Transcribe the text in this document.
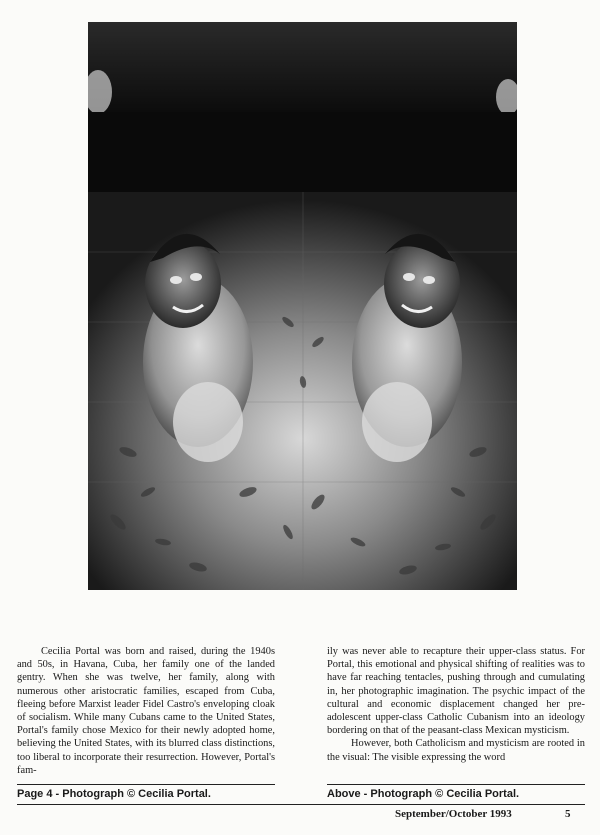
Cecilia Portal was born and raised, during the 1940s and 50s, in Havana, Cuba, her family one of the landed gentry. When she was twelve, her family, along with numerous other aristocratic families, escaped from Cuba, fleeing before Marxist leader Fidel Castro's enveloping cloak of socialism. While many Cubans came to the United States, Portal's family chose Mexico for their newly adopted home, believing the United States, with its blurred class distinctions, too liberal to incorporate their resurrection. However, Portal's fam-

ily was never able to recapture their upper-class status. For Portal, this emotional and physical shifting of realities was to have far reaching tentacles, pushing through and cumulating in, her photographic imagination. The psychic impact of the cultural and economic displacement changed her pre-adolescent upper-class Catholic Cubanism into an ideology bordering on that of the peasant-class Mexican mysticism.

However, both Catholicism and mysticism are rooted in the visual: The visible expressing the word

Page 4 - Photograph © Cecilia Portal.	Above - Photograph © Cecilia Portal.
September/October 1993	5
